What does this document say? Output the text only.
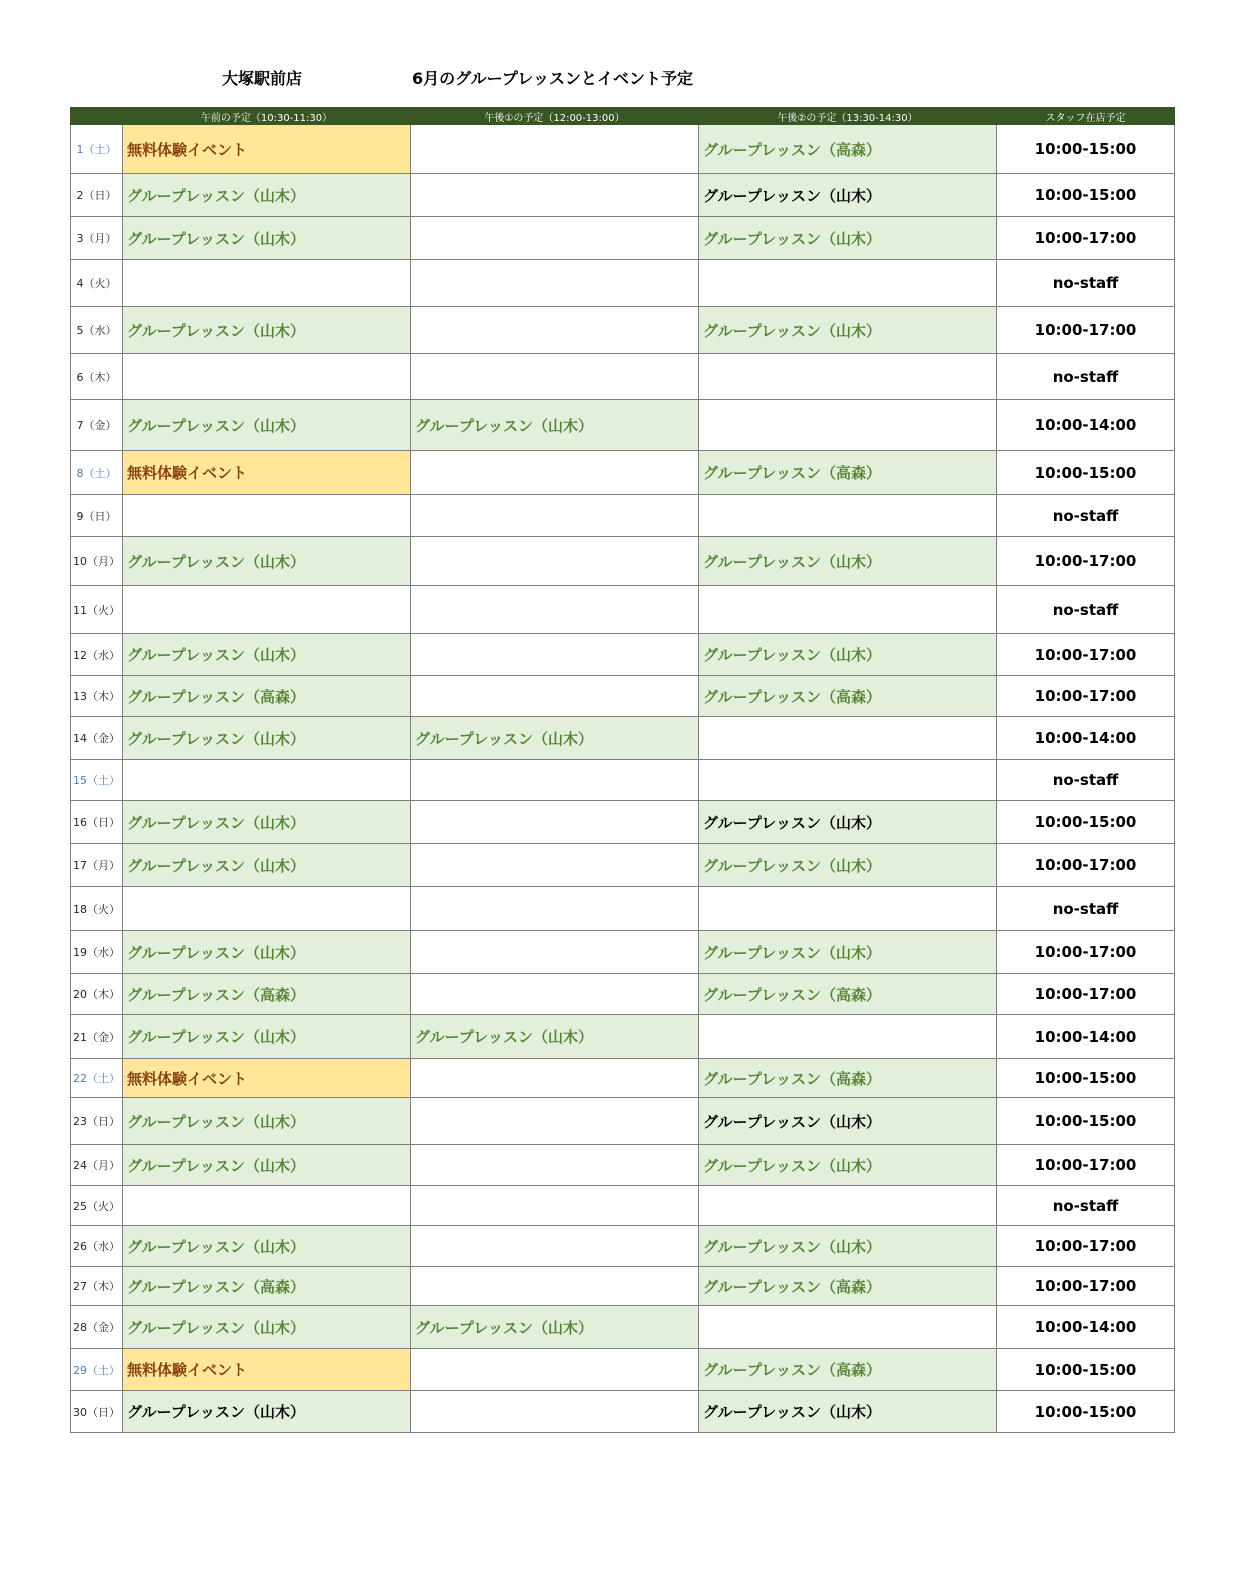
大塚駅前店	6月のグループレッスンとイベント予定
	午前の予定（10:30-11:30）	午後①の予定（12:00-13:00）	午後②の予定（13:30-14:30）	スタッフ在店予定
1（土）	無料体験イベント		グループレッスン（高森）	10:00-15:00
2（日）	グループレッスン（山木）		グループレッスン（山木）	10:00-15:00
3（月）	グループレッスン（山木）		グループレッスン（山木）	10:00-17:00
4（火）				no-staff
5（水）	グループレッスン（山木）		グループレッスン（山木）	10:00-17:00
6（木）				no-staff
7（金）	グループレッスン（山木）	グループレッスン（山木）		10:00-14:00
8（土）	無料体験イベント		グループレッスン（高森）	10:00-15:00
9（日）				no-staff
10（月）	グループレッスン（山木）		グループレッスン（山木）	10:00-17:00
11（火）				no-staff
12（水）	グループレッスン（山木）		グループレッスン（山木）	10:00-17:00
13（木）	グループレッスン（高森）		グループレッスン（高森）	10:00-17:00
14（金）	グループレッスン（山木）	グループレッスン（山木）		10:00-14:00
15（土）				no-staff
16（日）	グループレッスン（山木）		グループレッスン（山木）	10:00-15:00
17（月）	グループレッスン（山木）		グループレッスン（山木）	10:00-17:00
18（火）				no-staff
19（水）	グループレッスン（山木）		グループレッスン（山木）	10:00-17:00
20（木）	グループレッスン（高森）		グループレッスン（高森）	10:00-17:00
21（金）	グループレッスン（山木）	グループレッスン（山木）		10:00-14:00
22（土）	無料体験イベント		グループレッスン（高森）	10:00-15:00
23（日）	グループレッスン（山木）		グループレッスン（山木）	10:00-15:00
24（月）	グループレッスン（山木）		グループレッスン（山木）	10:00-17:00
25（火）				no-staff
26（水）	グループレッスン（山木）		グループレッスン（山木）	10:00-17:00
27（木）	グループレッスン（高森）		グループレッスン（高森）	10:00-17:00
28（金）	グループレッスン（山木）	グループレッスン（山木）		10:00-14:00
29（土）	無料体験イベント		グループレッスン（高森）	10:00-15:00
30（日）	グループレッスン（山木）		グループレッスン（山木）	10:00-15:00
